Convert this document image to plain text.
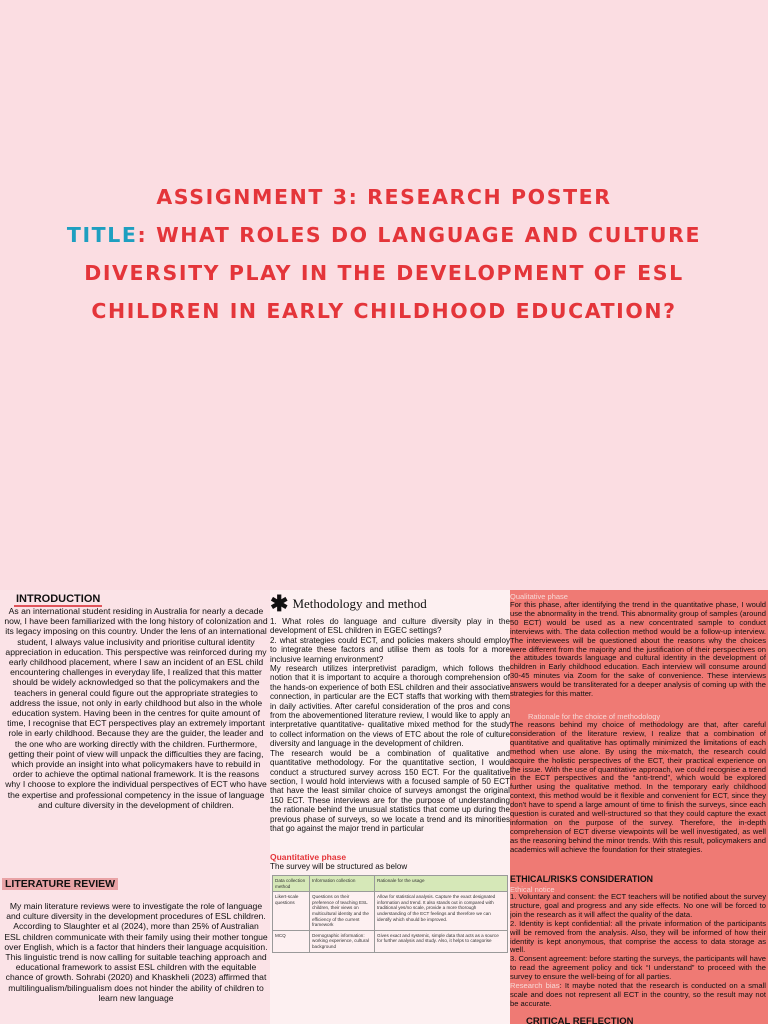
ASSIGNMENT 3: RESEARCH POSTER
TITLE: WHAT ROLES DO LANGUAGE AND CULTURE DIVERSITY PLAY IN THE DEVELOPMENT OF ESL CHILDREN IN EARLY CHILDHOOD EDUCATION?
INTRODUCTION

As an international student residing in Australia for nearly a decade now, I have been familiarized with the long history of colonization and its legacy imposing on this country. Under the lens of an international student, I always value inclusivity and prioritise cultural identity appreciation in education. This perspective was reinforced during my early childhood placement, where I saw an incident of an ESL child encountering challenges in everyday life, I realized that this matter should be widely acknowledged so that the policymakers and the teachers in general could figure out the appropriate strategies to address the issue, not only in early childhood but also in the whole education system. Having been in the centres for quite amount of time, I recognise that ECT perspectives play an extremely important role in early childhood. Because they are the guider, the leader and the one who are working directly with the children. Furthermore, getting their point of view will unpack the difficulties they are facing, which provide an insight into what policymakers have to rebuild in order to achieve the optimal national framework. It is the reasons why I choose to explore the individual perspectives of ECT who have the expertise and professional competency in the issue of language and culture diversity in the development of children.

LITERATURE REVIEW

My main literature reviews were to investigate the role of language and culture diversity in the development procedures of ESL children. According to Slaughter et al (2024), more than 25% of Australian ESL children communicate with their family using their mother tongue over English, which is a factor that hinders their language acquisition. This linguistic trend is now calling for suitable teaching approach and educational framework to assist ESL children with the equitable chance of growth. Sohrabi (2020) and Khaskheli (2023) affirmed that multilingualism/bilingualism does not hinder the ability of children to learn new language

✱ Methodology and method

1. What roles do language and culture diversity play in the development of ESL children in EGEC settings?
2. what strategies could ECT, and policies makers should employ to integrate these factors and utilise them as tools for a more inclusive learning environment?
My research utilizes interpretivist paradigm, which follows the notion that it is important to acquire a thorough comprehension of the hands-on experience of both ESL children and their associative connection, in particular are the ECT staffs that working with them in daily activities. After careful consideration of the pros and cons from the abovementioned literature review, I would like to apply an interpretative quantitative- qualitative mixed method for the study to collect information on the views of ETC about the role of culture diversity and language in the development of children.
The research would be a combination of qualitative and quantitative methodology. For the quantitative section, I would conduct a structured survey across 150 ECT. For the qualitative section, I would hold interviews with a focused sample of 50 ECT that have the least similar choice of surveys amongst the original 150 ECT. These interviews are for the purpose of understanding the rationale behind the unusual statistics that come up during the previous phase of surveys, so we locate a trend and its minorities that go against the major trend in particular

Quantitative phase

The survey will be structured as below

Data collection method	Information collection	Rationale for the usage
Likert-scale questions	Questions on their preference of teaching ESL children, their views on multicultural identity and the efficiency of the current framework	Allow for statistical analysis. Capture the exact designated information and trend. It also stands out in compared with traditional yes/no scale, provide a more thorough understanding of the ECT feelings and therefore we can identify which should be improved.
MCQ	Demographic information: working experience, cultural background	Gives exact and systemic, simple data that acts as a source for further analysis and study. Also, it helps to categorise
Qualitative phase

For this phase, after identifying the trend in the quantitative phase, I would use the abnormality in the trend. This abnormality group of samples (around 50 ECT) would be used as a new concentrated sample to conduct interviews with. The data collection method would be a follow-up interview. The interviewees will be questioned about the reasons why the choices were different from the majority and the justification of their perspectives on the attitudes towards language and cultural identity in the development of children in Early childhood education. Each interview will consume around 30-45 minutes via Zoom for the sake of convenience. These interviews answers would be transliterated for a deeper analysis of coming up with the strategies for this matter.

Rationale for the choice of methodology

The reasons behind my choice of methodology are that, after careful consideration of the literature review, I realize that a combination of quantitative and qualitative has optimally minimized the limitations of each method when use alone. By using the mix-match, the research could acquire the holistic perspectives of the ECT, their practical experience on the issue. With the use of quantitative approach, we could recognise a trend in the ECT perspectives and the “anti-trend”, which would be explored further using the qualitative method. In the temporary early childhood context, this method would be it flexible and convenient for ECT, since they don't have to spend a large amount of time to finish the surveys, since each question is curated and well-structured so that they could capture the exact information on the purpose of the survey. Therefore, the in-depth comprehension of ECT diverse viewpoints will be well investigated, as well as the reasoning behind the minor trends. With this result, policymakers and academics will achieve the foundation for their strategies.

ETHICAL/RISKS CONSIDERATION
Ethical notice
1. Voluntary and consent: the ECT teachers will be notified about the survey structure, goal and progress and any side effects. No one will be forced to join the research as it will affect the quality of the data.
2. Identity is kept confidential: all the private information of the participants will be removed from the analysis. Also, they will be informed of how their identity is kept anonymous, that comprise the access to data storage as well.
3. Consent agreement: before starting the surveys, the participants will have to read the agreement policy and tick “I understand” to proceed with the survey to ensure the well-being of for all parties.
Research bias: It maybe noted that the research is conducted on a small scale and does not represent all ECT in the country, so the result may not be accurate.
CRITICAL REFLECTION
